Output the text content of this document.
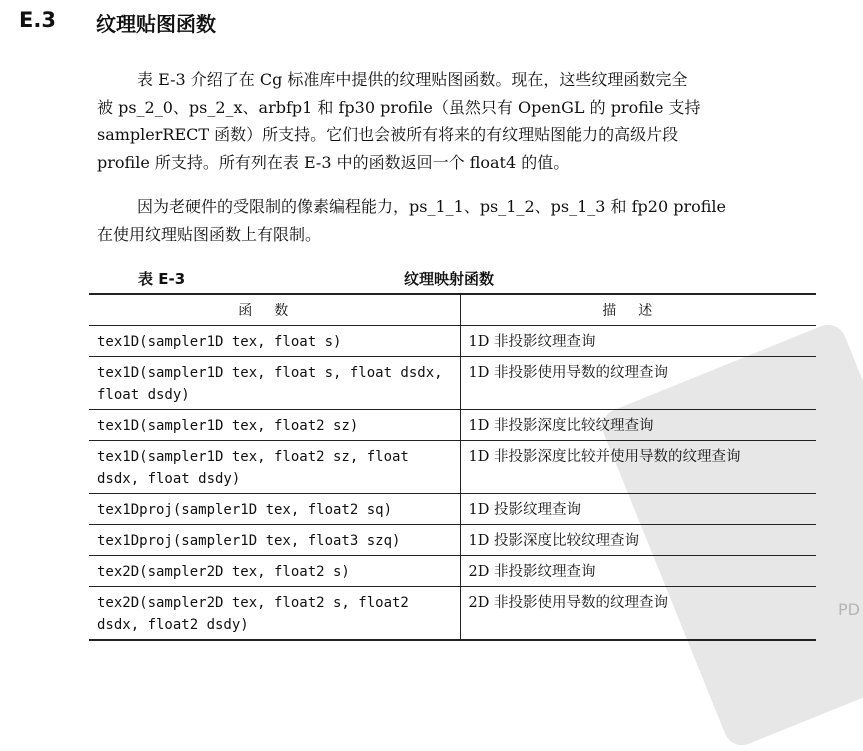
PD
E.3 纹理贴图函数
表 E-3 介绍了在 Cg 标准库中提供的纹理贴图函数。现在，这些纹理函数完全
被 ps_2_0、ps_2_x、arbfp1 和 fp30 profile（虽然只有 OpenGL 的 profile 支持
samplerRECT 函数）所支持。它们也会被所有将来的有纹理贴图能力的高级片段
profile 所支持。所有列在表 E-3 中的函数返回一个 float4 的值。
因为老硬件的受限制的像素编程能力，ps_1_1、ps_1_2、ps_1_3 和 fp20 profile
在使用纹理贴图函数上有限制。
表 E-3	纹理映射函数
函数	描述
tex1D(sampler1D tex, float s)	1D 非投影纹理查询
tex1D(sampler1D tex, float s, float dsdx, float dsdy)	1D 非投影使用导数的纹理查询
tex1D(sampler1D tex, float2 sz)	1D 非投影深度比较纹理查询
tex1D(sampler1D tex, float2 sz, float dsdx, float dsdy)	1D 非投影深度比较并使用导数的纹理查询
tex1Dproj(sampler1D tex, float2 sq)	1D 投影纹理查询
tex1Dproj(sampler1D tex, float3 szq)	1D 投影深度比较纹理查询
tex2D(sampler2D tex, float2 s)	2D 非投影纹理查询
tex2D(sampler2D tex, float2 s, float2 dsdx, float2 dsdy)	2D 非投影使用导数的纹理查询
